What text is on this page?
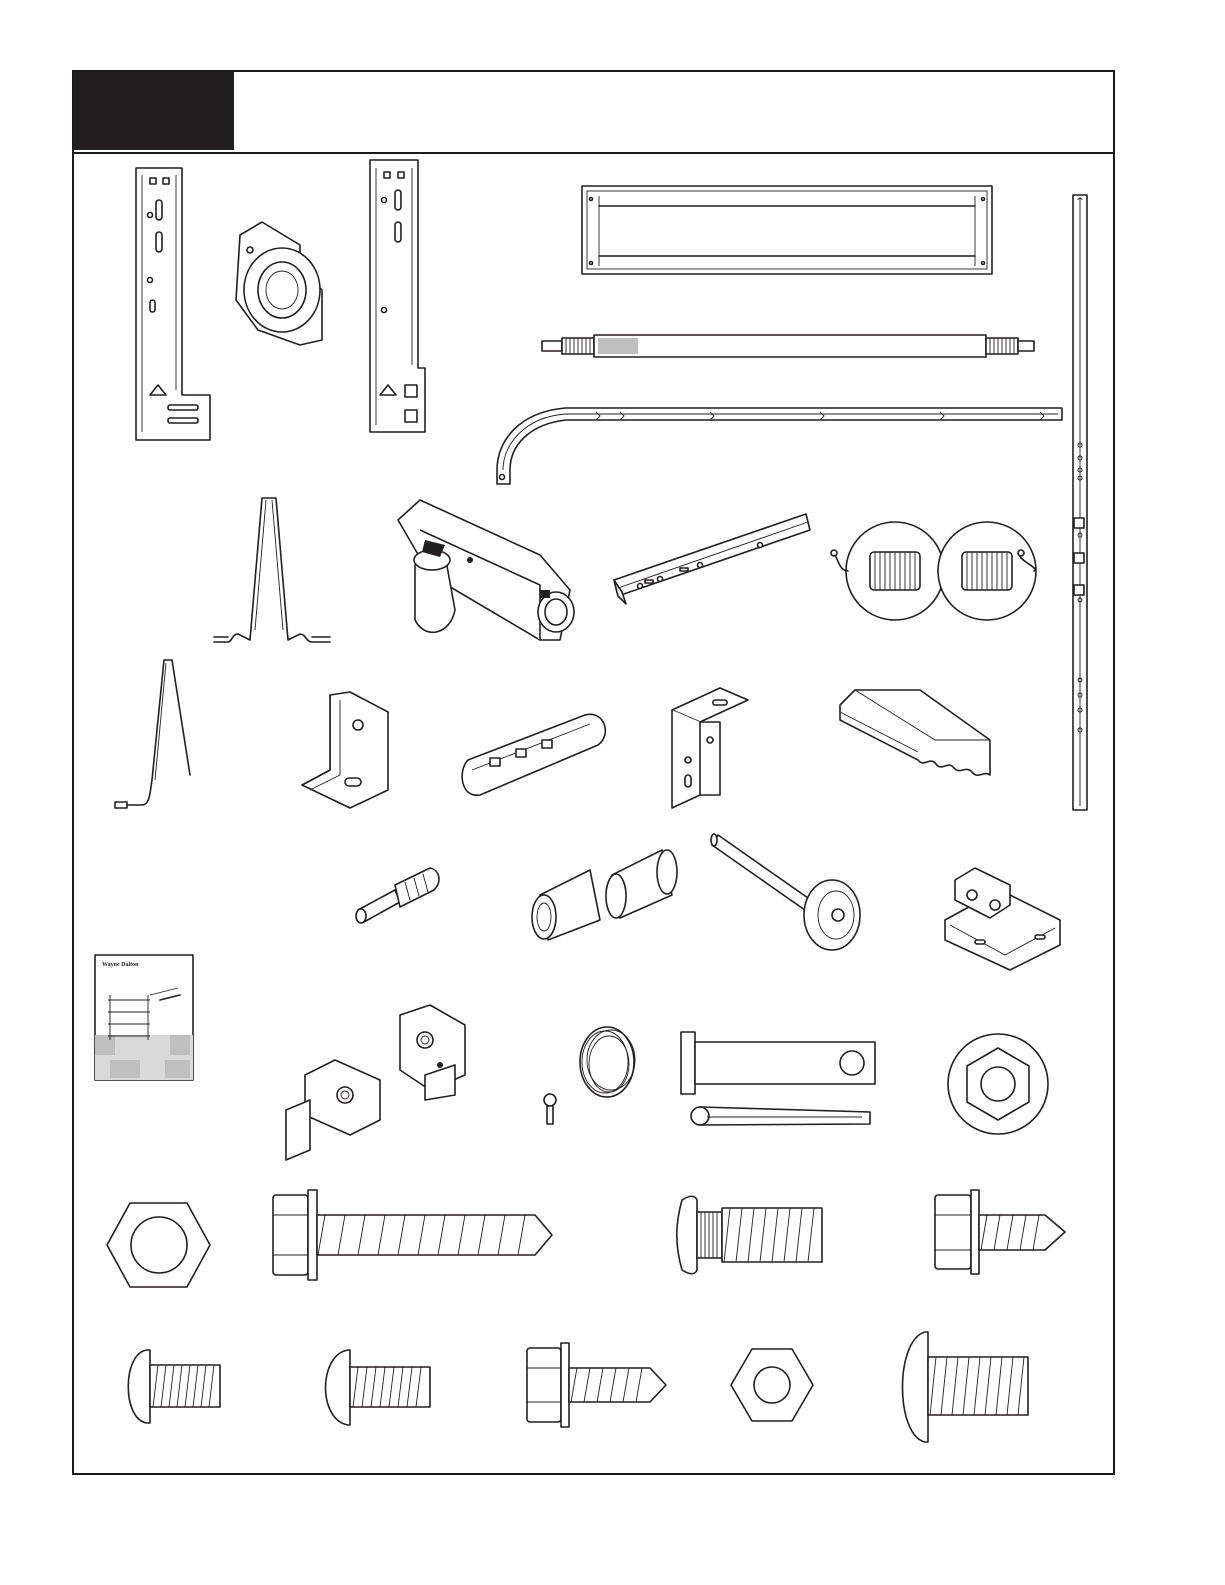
Wayne Dalton
